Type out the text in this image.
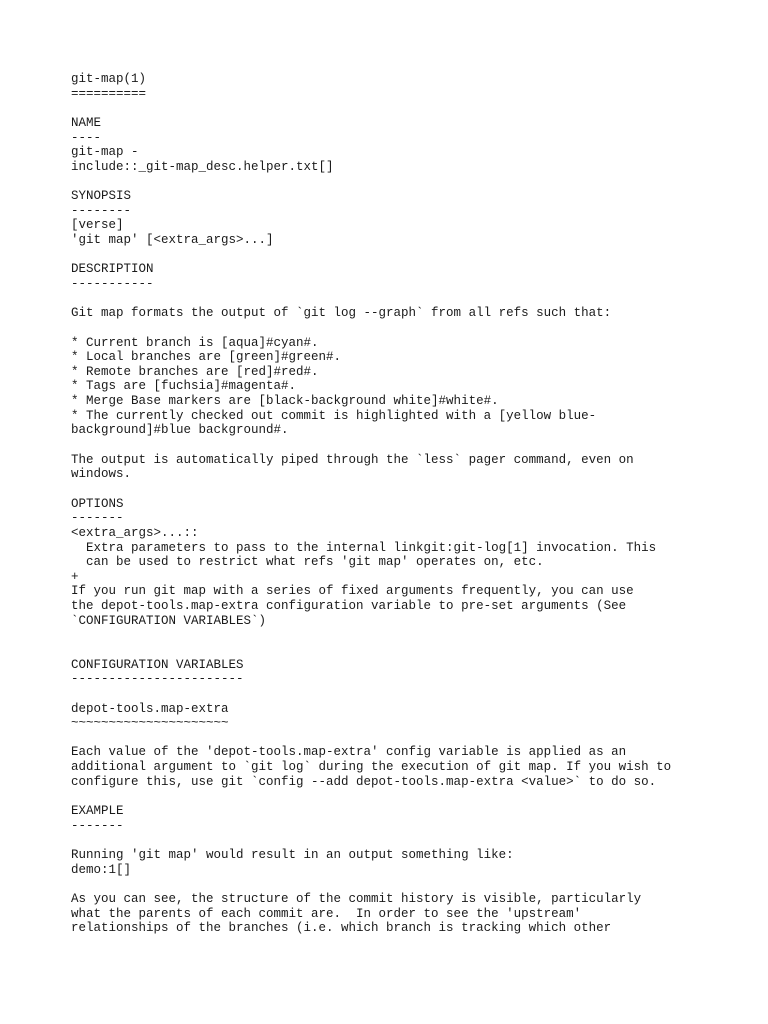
git-map(1)
==========
NAME
----
git-map -
include::_git-map_desc.helper.txt[]
SYNOPSIS
--------
[verse]
'git map' [<extra_args>...]
DESCRIPTION
-----------
Git map formats the output of `git log --graph` from all refs such that:
* Current branch is [aqua]#cyan#.
* Local branches are [green]#green#.
* Remote branches are [red]#red#.
* Tags are [fuchsia]#magenta#.
* Merge Base markers are [black-background white]#white#.
* The currently checked out commit is highlighted with a [yellow blue-
background]#blue background#.
The output is automatically piped through the `less` pager command, even on
windows.
OPTIONS
-------
<extra_args>...::
Extra parameters to pass to the internal linkgit:git-log[1] invocation. This
can be used to restrict what refs 'git map' operates on, etc.
+
If you run git map with a series of fixed arguments frequently, you can use
the depot-tools.map-extra configuration variable to pre-set arguments (See
`CONFIGURATION VARIABLES`)
CONFIGURATION VARIABLES
-----------------------
depot-tools.map-extra
~~~~~~~~~~~~~~~~~~~~~
Each value of the 'depot-tools.map-extra' config variable is applied as an
additional argument to `git log` during the execution of git map. If you wish to
configure this, use git `config --add depot-tools.map-extra <value>` to do so.
EXAMPLE
-------
Running 'git map' would result in an output something like:
demo:1[]
As you can see, the structure of the commit history is visible, particularly
what the parents of each commit are.  In order to see the 'upstream'
relationships of the branches (i.e. which branch is tracking which other
